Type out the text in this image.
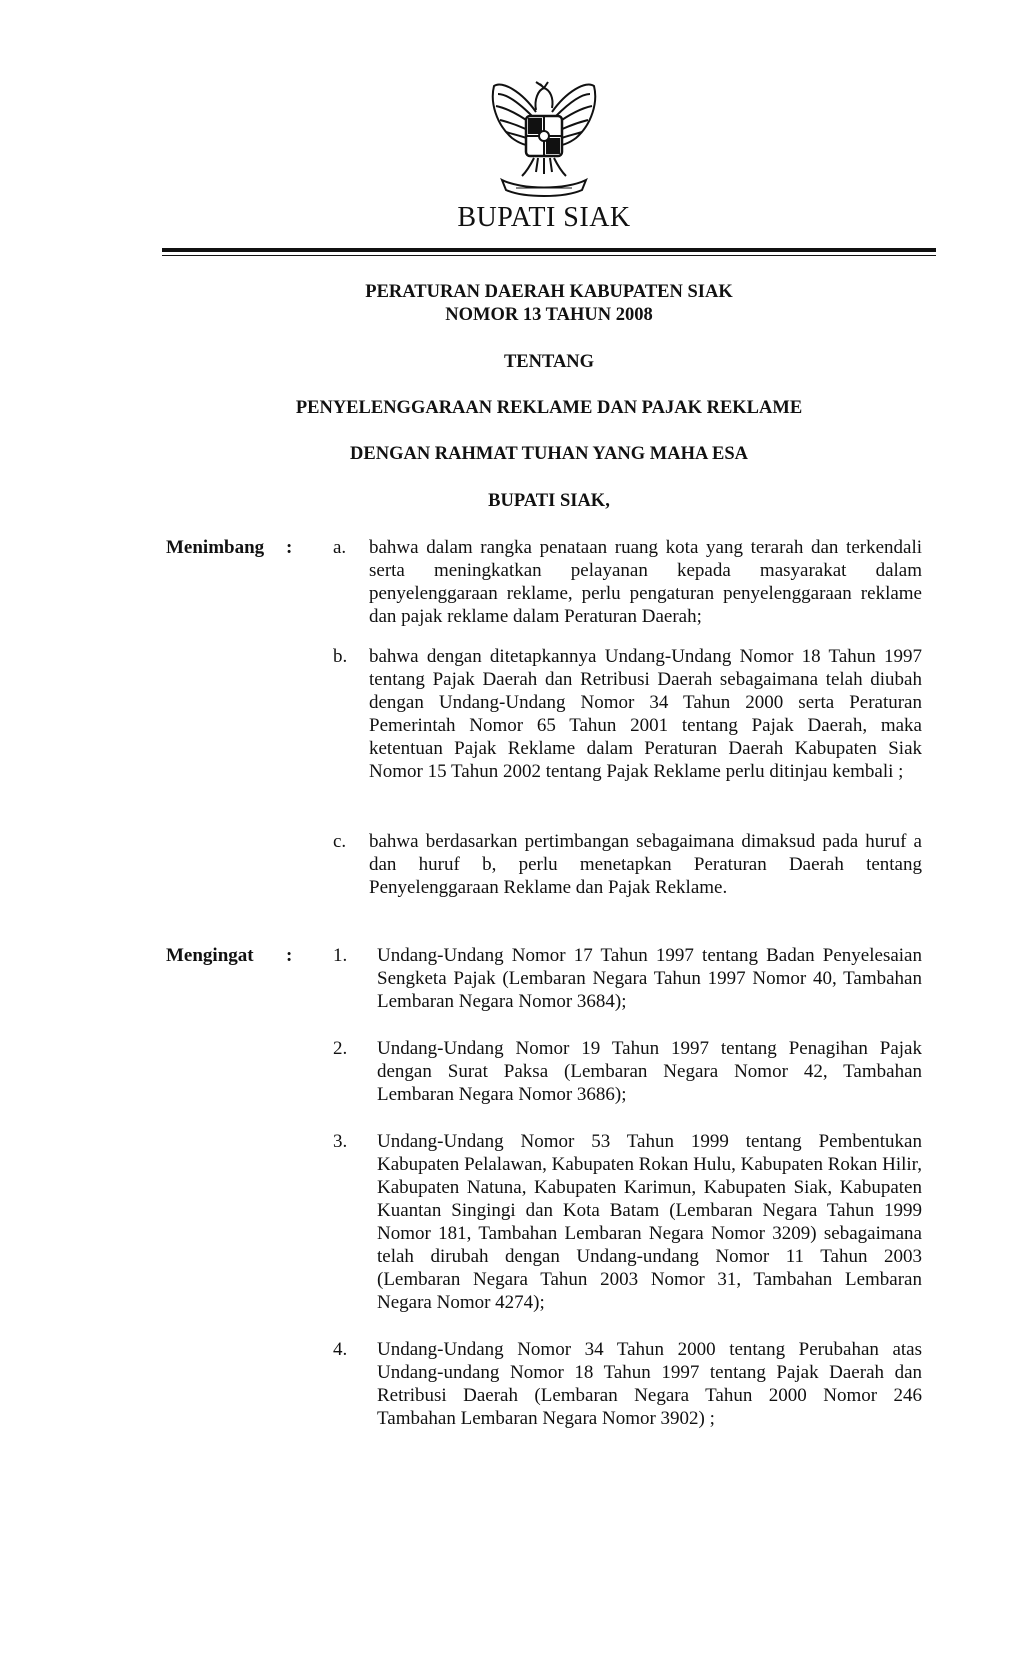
BUPATI SIAK
PERATURAN DAERAH KABUPATEN SIAK
NOMOR 13 TAHUN 2008
TENTANG
PENYELENGGARAAN REKLAME DAN PAJAK REKLAME
DENGAN RAHMAT TUHAN YANG MAHA ESA
BUPATI SIAK,
Menimbang : a. bahwa dalam rangka penataan ruang kota yang terarah dan terkendali serta meningkatkan pelayanan kepada masyarakat dalam penyelenggaraan reklame, perlu pengaturan penyelenggaraan reklame dan pajak reklame dalam Peraturan Daerah;

b. bahwa dengan ditetapkannya Undang-Undang Nomor 18 Tahun 1997 tentang Pajak Daerah dan Retribusi Daerah sebagaimana telah diubah dengan Undang-Undang Nomor 34 Tahun 2000 serta Peraturan Pemerintah Nomor 65 Tahun 2001 tentang Pajak Daerah, maka ketentuan Pajak Reklame dalam Peraturan Daerah Kabupaten Siak Nomor 15 Tahun 2002 tentang Pajak Reklame perlu ditinjau kembali ;

c. bahwa berdasarkan pertimbangan sebagaimana dimaksud pada huruf a dan huruf b, perlu menetapkan Peraturan Daerah tentang Penyelenggaraan Reklame dan Pajak Reklame.

Mengingat : 1. Undang-Undang Nomor 17 Tahun 1997 tentang Badan Penyelesaian Sengketa Pajak (Lembaran Negara Tahun 1997 Nomor 40, Tambahan Lembaran Negara Nomor 3684);

2. Undang-Undang Nomor 19 Tahun 1997 tentang Penagihan Pajak dengan Surat Paksa (Lembaran Negara Nomor 42, Tambahan Lembaran Negara Nomor 3686);

3. Undang-Undang Nomor 53 Tahun 1999 tentang Pembentukan Kabupaten Pelalawan, Kabupaten Rokan Hulu, Kabupaten Rokan Hilir, Kabupaten Natuna, Kabupaten Karimun, Kabupaten Siak, Kabupaten Kuantan Singingi dan Kota Batam (Lembaran Negara Tahun 1999 Nomor 181, Tambahan Lembaran Negara Nomor 3209) sebagaimana telah dirubah dengan Undang-undang Nomor 11 Tahun 2003 (Lembaran Negara Tahun 2003 Nomor 31, Tambahan Lembaran Negara Nomor 4274);

4. Undang-Undang Nomor 34 Tahun 2000 tentang Perubahan atas Undang-undang Nomor 18 Tahun 1997 tentang Pajak Daerah dan Retribusi Daerah (Lembaran Negara Tahun 2000 Nomor 246 Tambahan Lembaran Negara Nomor 3902) ;
